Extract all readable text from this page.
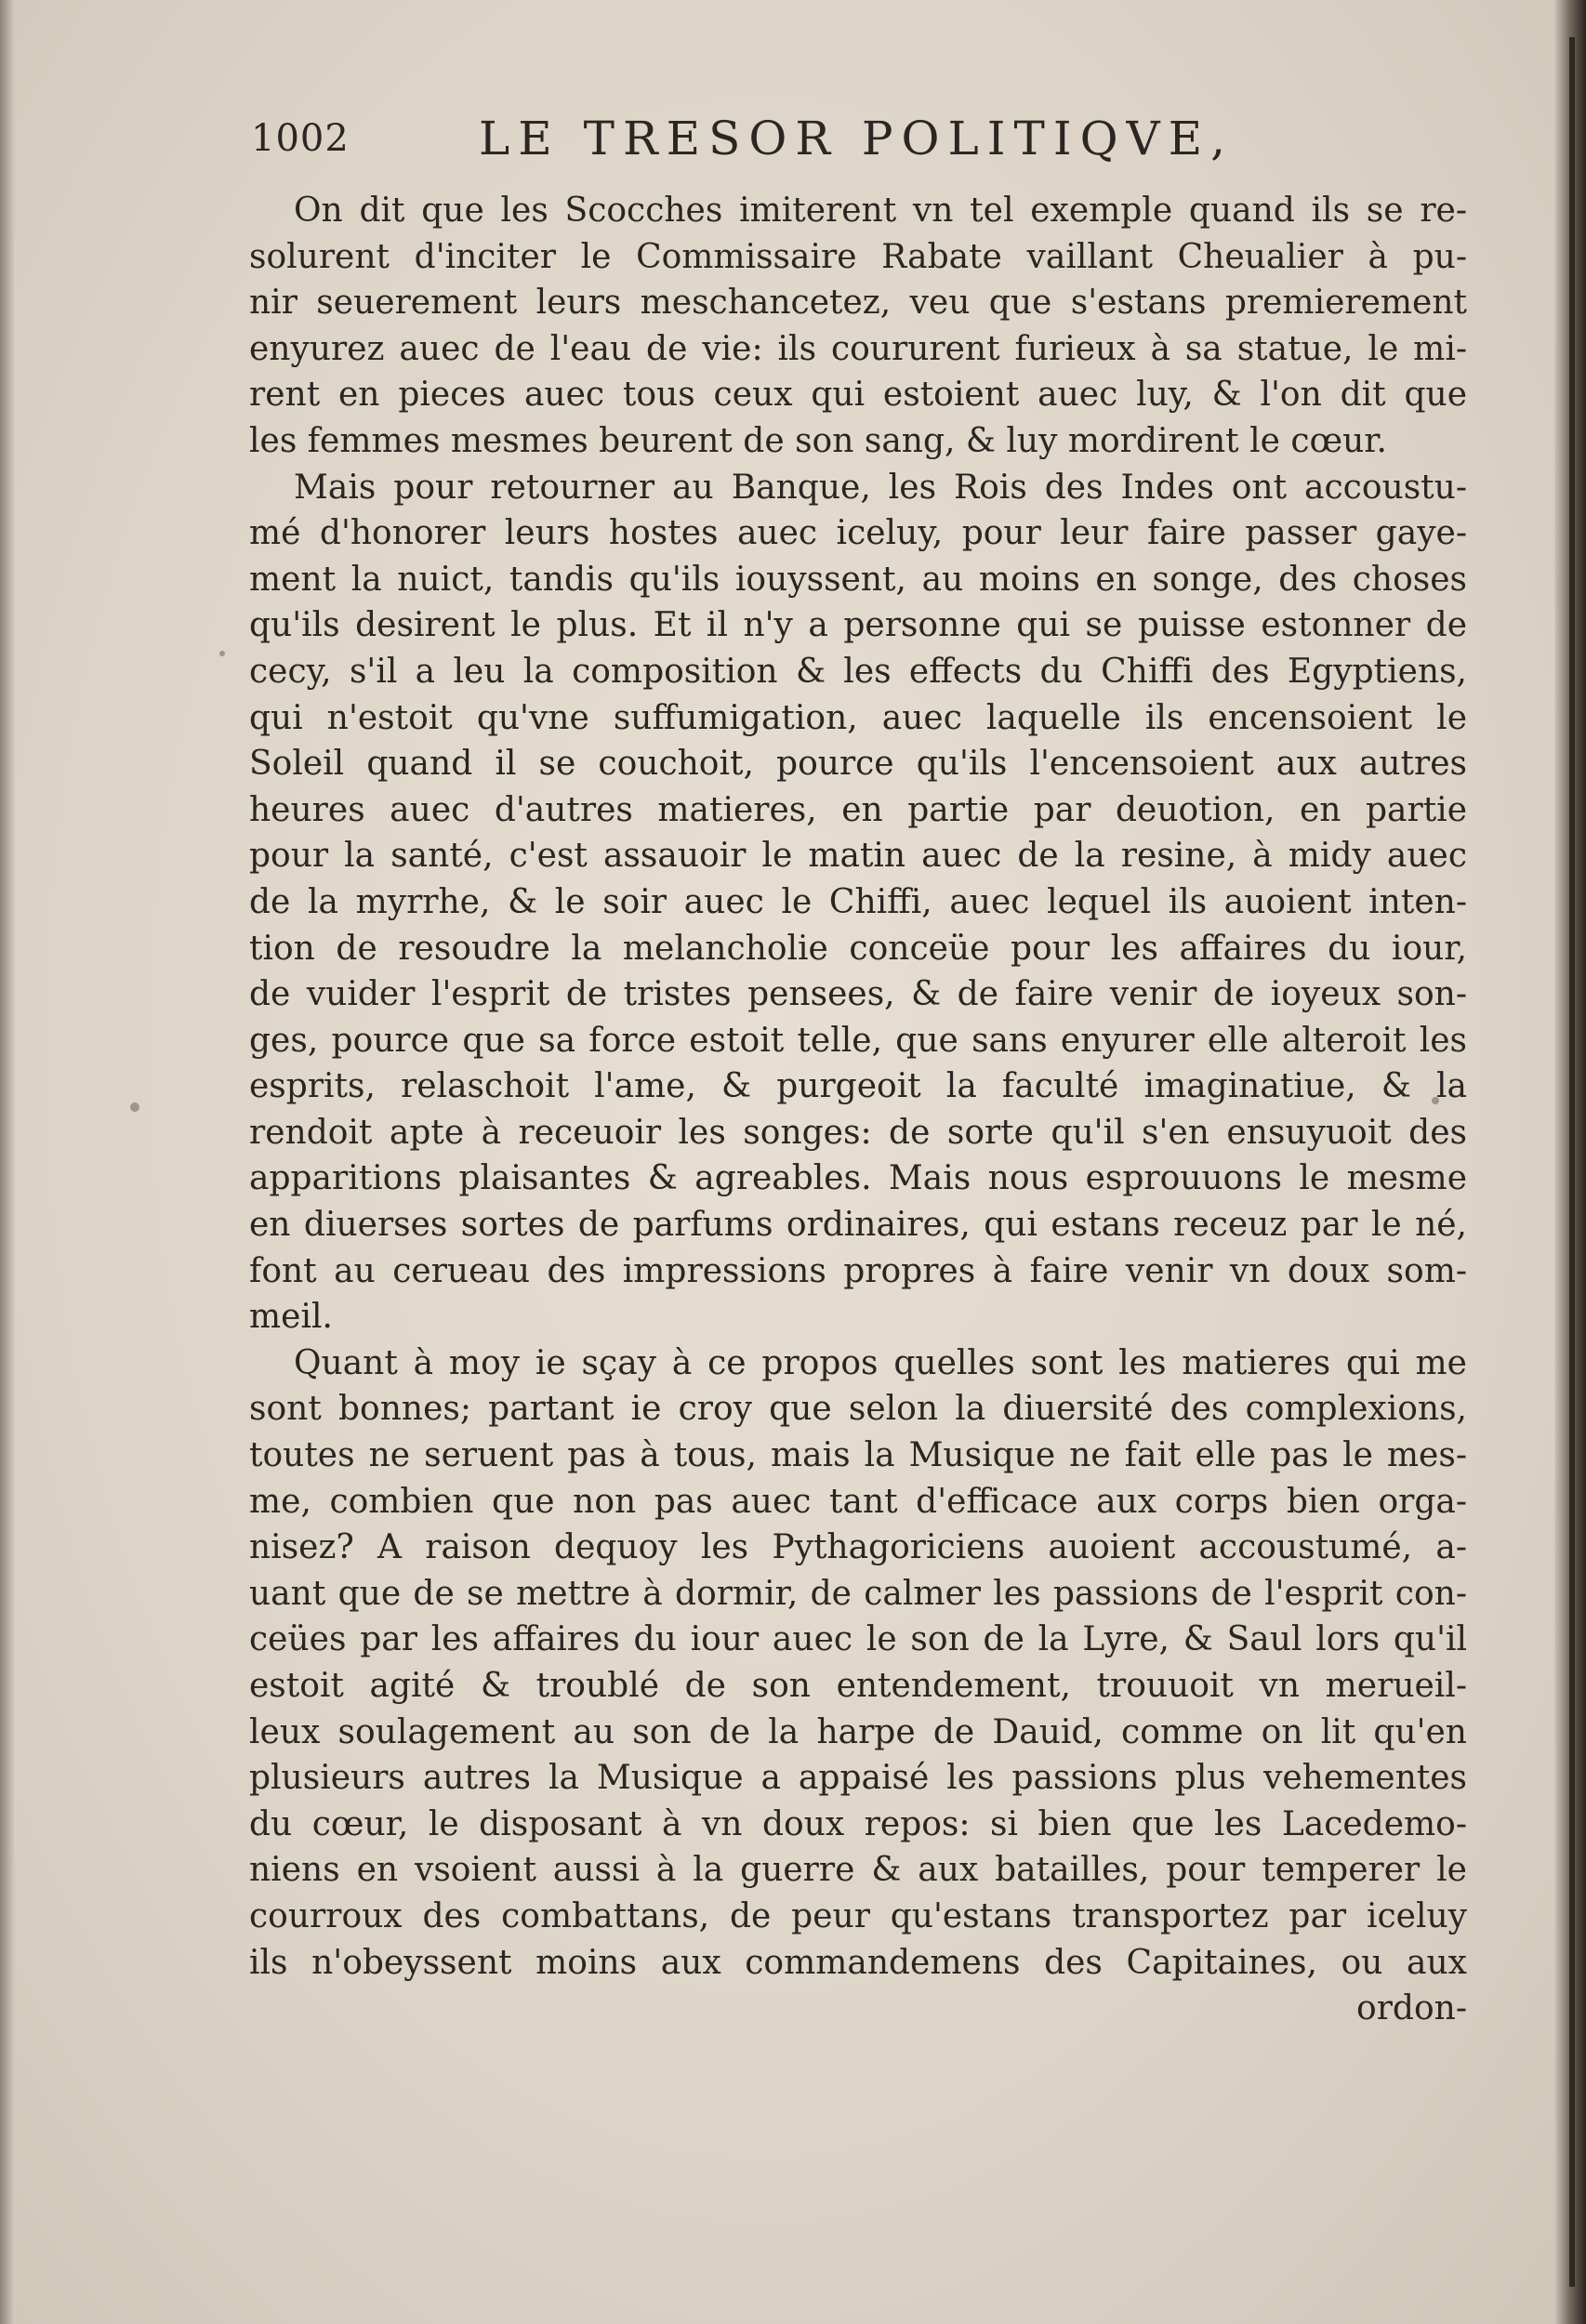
1002	LE TRESOR POLITIQVE,
On dit que les Scocches imiterent vn tel exemple quand ils se re-
solurent d'inciter le Commissaire Rabate vaillant Cheualier à pu-
nir seuerement leurs meschancetez, veu que s'estans premierement
enyurez auec de l'eau de vie: ils coururent furieux à sa statue, le mi-
rent en pieces auec tous ceux qui estoient auec luy, & l'on dit que
les femmes mesmes beurent de son sang, & luy mordirent le cœur.
Mais pour retourner au Banque, les Rois des Indes ont accoustu-
mé d'honorer leurs hostes auec iceluy, pour leur faire passer gaye-
ment la nuict, tandis qu'ils iouyssent, au moins en songe, des choses
qu'ils desirent le plus. Et il n'y a personne qui se puisse estonner de
cecy, s'il a leu la composition & les effects du Chiffi des Egyptiens,
qui n'estoit qu'vne suffumigation, auec laquelle ils encensoient le
Soleil quand il se couchoit, pource qu'ils l'encensoient aux autres
heures auec d'autres matieres, en partie par deuotion, en partie
pour la santé, c'est assauoir le matin auec de la resine, à midy auec
de la myrrhe, & le soir auec le Chiffi, auec lequel ils auoient inten-
tion de resoudre la melancholie conceüe pour les affaires du iour,
de vuider l'esprit de tristes pensees, & de faire venir de ioyeux son-
ges, pource que sa force estoit telle, que sans enyurer elle alteroit les
esprits, relaschoit l'ame, & purgeoit la faculté imaginatiue, & la
rendoit apte à receuoir les songes: de sorte qu'il s'en ensuyuoit des
apparitions plaisantes & agreables. Mais nous esprouuons le mesme
en diuerses sortes de parfums ordinaires, qui estans receuz par le né,
font au cerueau des impressions propres à faire venir vn doux som-
meil.
Quant à moy ie sçay à ce propos quelles sont les matieres qui me
sont bonnes; partant ie croy que selon la diuersité des complexions,
toutes ne seruent pas à tous, mais la Musique ne fait elle pas le mes-
me, combien que non pas auec tant d'efficace aux corps bien orga-
nisez? A raison dequoy les Pythagoriciens auoient accoustumé, a-
uant que de se mettre à dormir, de calmer les passions de l'esprit con-
ceües par les affaires du iour auec le son de la Lyre, & Saul lors qu'il
estoit agité & troublé de son entendement, trouuoit vn merueil-
leux soulagement au son de la harpe de Dauid, comme on lit qu'en
plusieurs autres la Musique a appaisé les passions plus vehementes
du cœur, le disposant à vn doux repos: si bien que les Lacedemo-
niens en vsoient aussi à la guerre & aux batailles, pour temperer le
courroux des combattans, de peur qu'estans transportez par iceluy
ils n'obeyssent moins aux commandemens des Capitaines, ou aux
ordon-
